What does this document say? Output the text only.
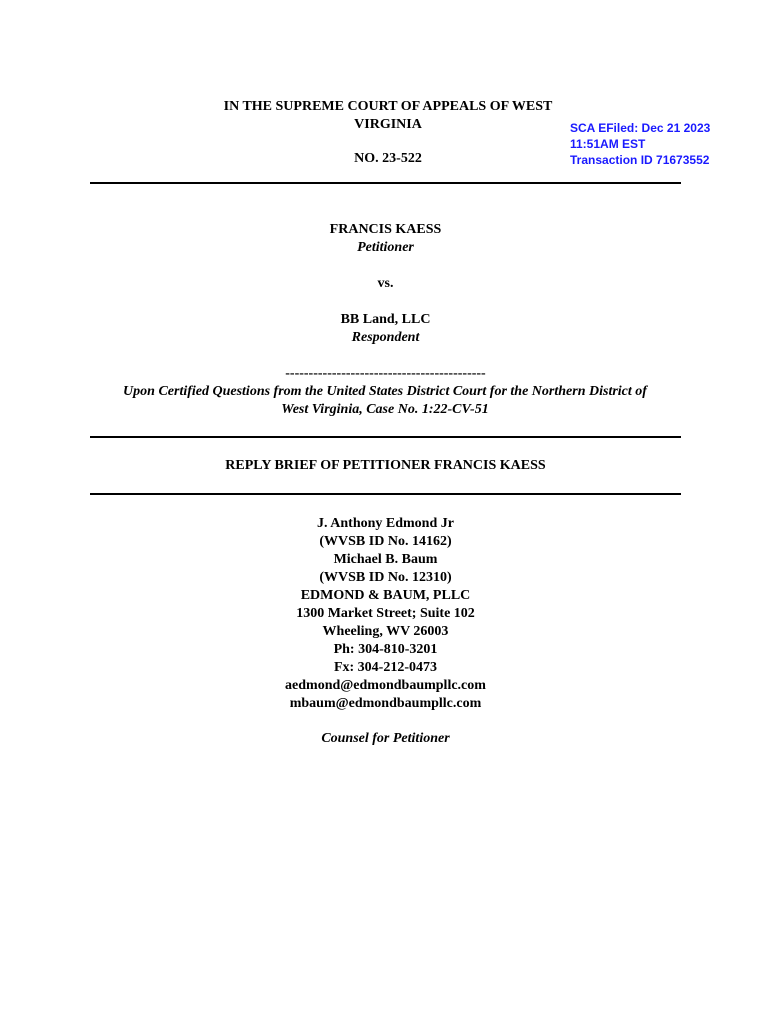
IN THE SUPREME COURT OF APPEALS OF WEST
VIRGINIA
NO. 23-522
SCA EFiled: Dec 21 2023
11:51AM EST
Transaction ID 71673552
FRANCIS KAESS
Petitioner
vs.
BB Land, LLC
Respondent
-------------------------------------------
Upon Certified Questions from the United States District Court for the Northern District of
West Virginia, Case No. 1:22-CV-51
REPLY BRIEF OF PETITIONER FRANCIS KAESS
J. Anthony Edmond Jr
(WVSB ID No. 14162)
Michael B. Baum
(WVSB ID No. 12310)
EDMOND & BAUM, PLLC
1300 Market Street; Suite 102
Wheeling, WV 26003
Ph: 304-810-3201
Fx: 304-212-0473
aedmond@edmondbaumpllc.com
mbaum@edmondbaumpllc.com
Counsel for Petitioner
